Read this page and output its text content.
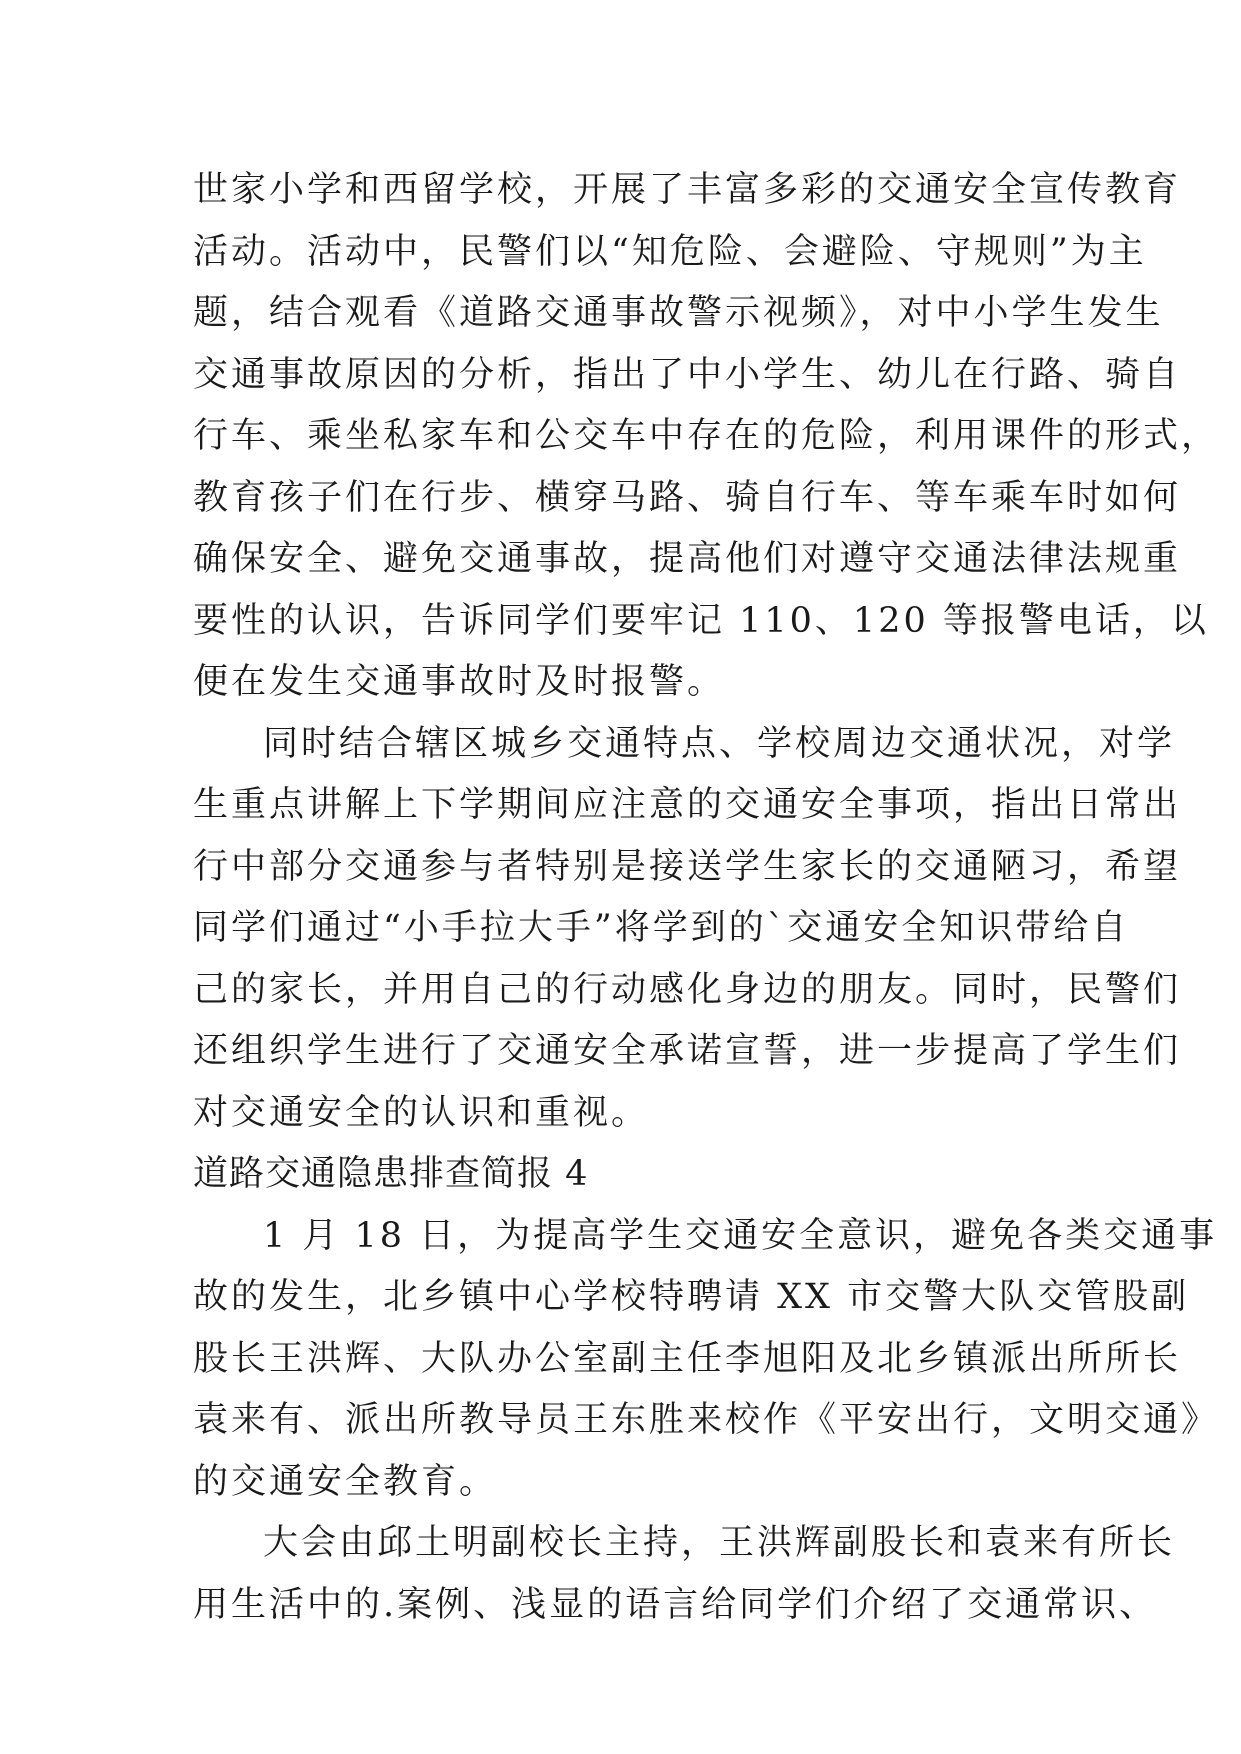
世家小学和西留学校，开展了丰富多彩的交通安全宣传教育
活动。活动中，民警们以“知危险、会避险、守规则”为主
题，结合观看《道路交通事故警示视频》，对中小学生发生
交通事故原因的分析，指出了中小学生、幼儿在行路、骑自
行车、乘坐私家车和公交车中存在的危险，利用课件的形式，
教育孩子们在行步、横穿马路、骑自行车、等车乘车时如何
确保安全、避免交通事故，提高他们对遵守交通法律法规重
要性的认识，告诉同学们要牢记 110、120 等报警电话，以
便在发生交通事故时及时报警。
同时结合辖区城乡交通特点、学校周边交通状况，对学
生重点讲解上下学期间应注意的交通安全事项，指出日常出
行中部分交通参与者特别是接送学生家长的交通陋习，希望
同学们通过“小手拉大手”将学到的`交通安全知识带给自
己的家长，并用自己的行动感化身边的朋友。同时，民警们
还组织学生进行了交通安全承诺宣誓，进一步提高了学生们
对交通安全的认识和重视。
道路交通隐患排查简报 4
1 月 18 日，为提高学生交通安全意识，避免各类交通事
故的发生，北乡镇中心学校特聘请 XX 市交警大队交管股副
股长王洪辉、大队办公室副主任李旭阳及北乡镇派出所所长
袁来有、派出所教导员王东胜来校作《平安出行，文明交通》
的交通安全教育。
大会由邱土明副校长主持，王洪辉副股长和袁来有所长
用生活中的.案例、浅显的语言给同学们介绍了交通常识、
